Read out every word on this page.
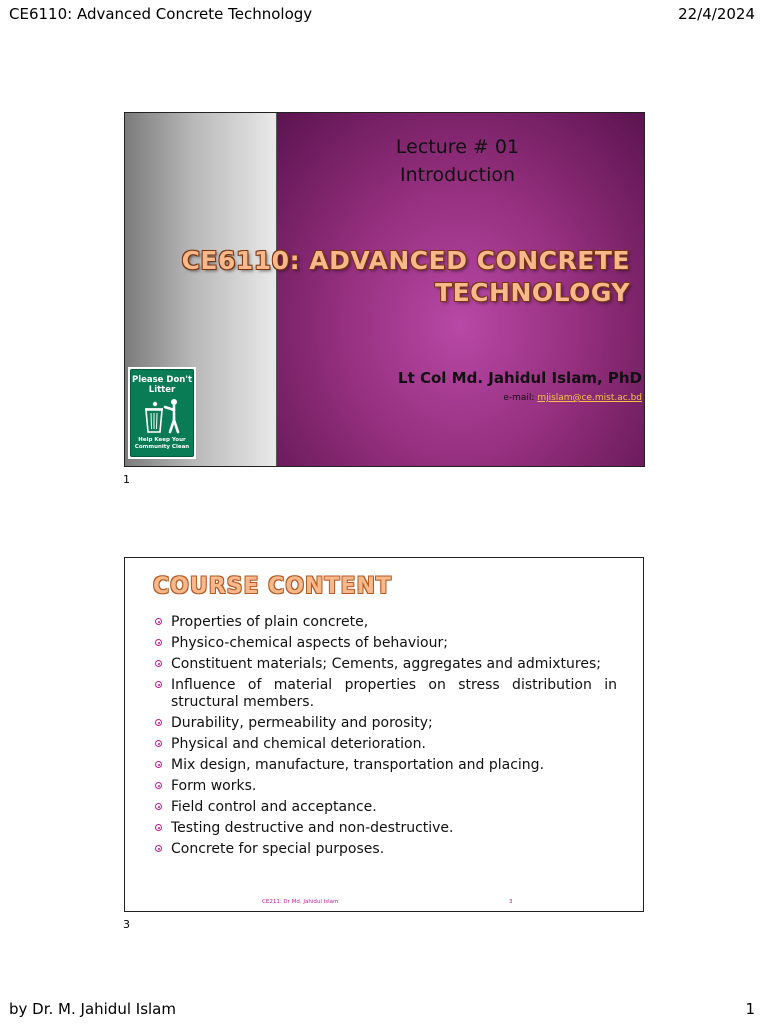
CE6110: Advanced Concrete Technology	22/4/2024
Lecture # 01
Introduction
CE6110: ADVANCED CONCRETE
TECHNOLOGY
Lt Col Md. Jahidul Islam, PhD
e-mail: mjislam@ce.mist.ac.bd
Please Don't
Litter
Help Keep Your
Community Clean
1
COURSE CONTENT
Properties of plain concrete,
Physico-chemical aspects of behaviour;
Constituent materials; Cements, aggregates and admixtures;
Influence of material properties on stress distribution in structural members.
Durability, permeability and porosity;
Physical and chemical deterioration.
Mix design, manufacture, transportation and placing.
Form works.
Field control and acceptance.
Testing destructive and non-destructive.
Concrete for special purposes.
CE211: Dr Md. Jahidul Islam	3
3
by Dr. M. Jahidul Islam	1
